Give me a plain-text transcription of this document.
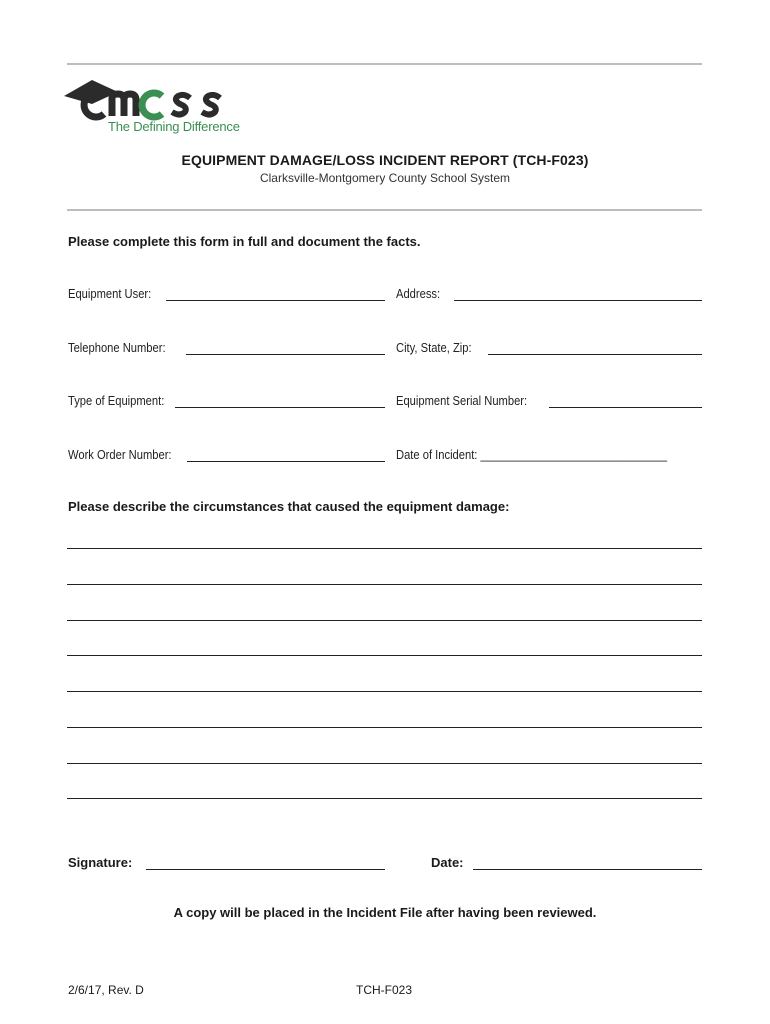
The Defining Difference
EQUIPMENT DAMAGE/LOSS INCIDENT REPORT (TCH-F023)
Clarksville-Montgomery County School System
Please complete this form in full and document the facts.
Equipment User:	Address:
Telephone Number:	City, State, Zip:
Type of Equipment:	Equipment Serial Number:
Work Order Number:	Date of Incident: ______________________________
Please describe the circumstances that caused the equipment damage:
Signature:	Date:
A copy will be placed in the Incident File after having been reviewed.
2/6/17, Rev. D	TCH-F023
